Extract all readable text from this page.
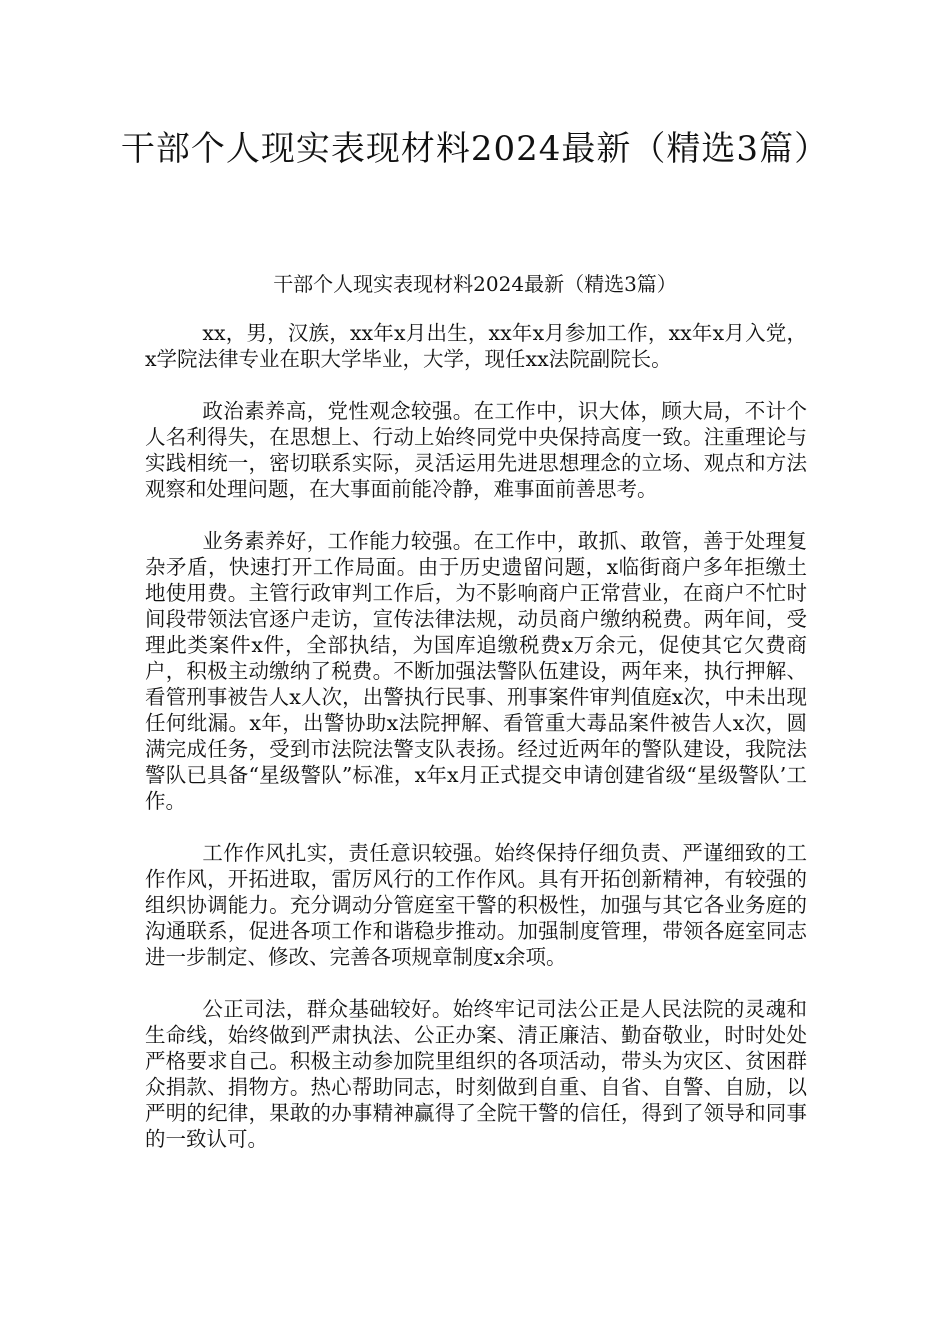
干部个人现实表现材料2024最新（精选3篇）

干部个人现实表现材料2024最新（精选3篇）

xx，男，汉族，xx年x月出生，xx年x月参加工作，xx年x月入党，x学院法律专业在职大学毕业，大学，现任xx法院副院长。

政治素养高，党性观念较强。在工作中，识大体，顾大局，不计个人名利得失，在思想上、行动上始终同党中央保持高度一致。注重理论与实践相统一，密切联系实际，灵活运用先进思想理念的立场、观点和方法观察和处理问题，在大事面前能冷静，难事面前善思考。

业务素养好，工作能力较强。在工作中，敢抓、敢管，善于处理复杂矛盾，快速打开工作局面。由于历史遗留问题，x临街商户多年拒缴土地使用费。主管行政审判工作后，为不影响商户正常营业，在商户不忙时间段带领法官逐户走访，宣传法律法规，动员商户缴纳税费。两年间，受理此类案件x件，全部执结，为国库追缴税费x万余元，促使其它欠费商户，积极主动缴纳了税费。不断加强法警队伍建设，两年来，执行押解、看管刑事被告人x人次，出警执行民事、刑事案件审判值庭x次，中未出现任何纰漏。x年，出警协助x法院押解、看管重大毒品案件被告人x次，圆满完成任务，受到市法院法警支队表扬。经过近两年的警队建设，我院法警队已具备“星级警队”标准，x年x月正式提交申请创建省级“星级警队’工作。

工作作风扎实，责任意识较强。始终保持仔细负责、严谨细致的工作作风，开拓进取，雷厉风行的工作作风。具有开拓创新精神，有较强的组织协调能力。充分调动分管庭室干警的积极性，加强与其它各业务庭的沟通联系，促进各项工作和谐稳步推动。加强制度管理，带领各庭室同志进一步制定、修改、完善各项规章制度x余项。

公正司法，群众基础较好。始终牢记司法公正是人民法院的灵魂和生命线，始终做到严肃执法、公正办案、清正廉洁、勤奋敬业，时时处处严格要求自己。积极主动参加院里组织的各项活动，带头为灾区、贫困群众捐款、捐物方。热心帮助同志，时刻做到自重、自省、自警、自励，以严明的纪律，果敢的办事精神赢得了全院干警的信任，得到了领导和同事的一致认可。
